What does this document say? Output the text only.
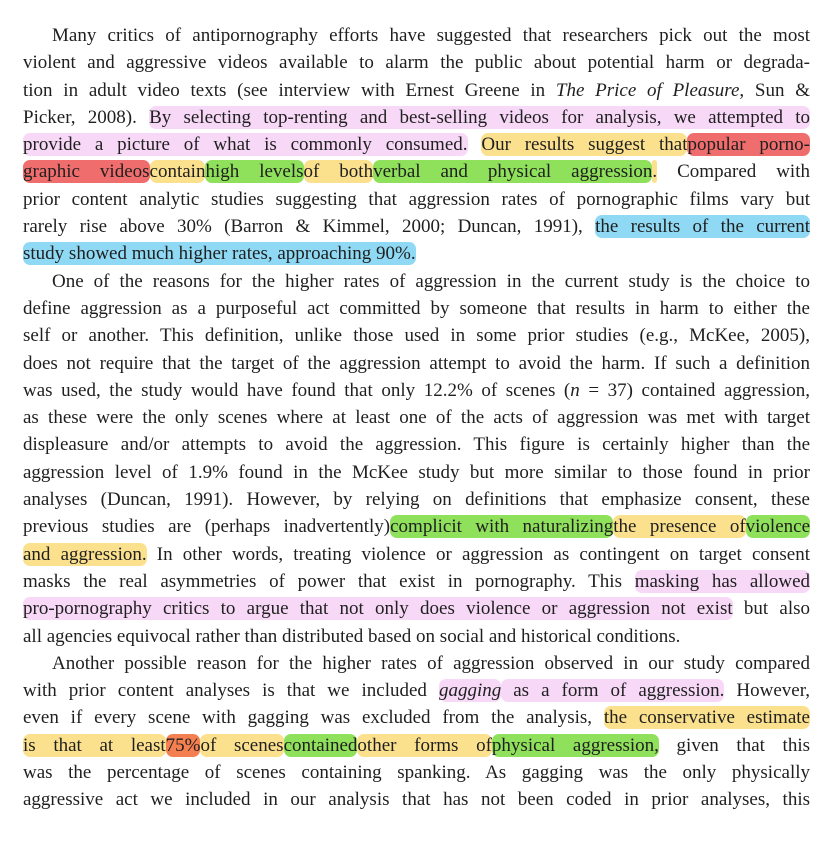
Many critics of antipornography efforts have suggested that researchers pick out the most
violent and aggressive videos available to alarm the public about potential harm or degrada-
tion in adult video texts (see interview with Ernest Greene in The Price of Pleasure, Sun &
Picker, 2008). By selecting top-renting and best-selling videos for analysis, we attempted to
provide a picture of what is commonly consumed. Our results suggest thatpopular porno-
graphic videoscontainhigh levelsof bothverbal and physical aggression. Compared with
prior content analytic studies suggesting that aggression rates of pornographic films vary but
rarely rise above 30% (Barron & Kimmel, 2000; Duncan, 1991), the results of the current
study showed much higher rates, approaching 90%.
One of the reasons for the higher rates of aggression in the current study is the choice to
define aggression as a purposeful act committed by someone that results in harm to either the
self or another. This definition, unlike those used in some prior studies (e.g., McKee, 2005),
does not require that the target of the aggression attempt to avoid the harm. If such a definition
was used, the study would have found that only 12.2% of scenes (n = 37) contained aggression,
as these were the only scenes where at least one of the acts of aggression was met with target
displeasure and/or attempts to avoid the aggression. This figure is certainly higher than the
aggression level of 1.9% found in the McKee study but more similar to those found in prior
analyses (Duncan, 1991). However, by relying on definitions that emphasize consent, these
previous studies are (perhaps inadvertently)complicit with naturalizingthe presence ofviolence
and aggression. In other words, treating violence or aggression as contingent on target consent
masks the real asymmetries of power that exist in pornography. This masking has allowed
pro-pornography critics to argue that not only does violence or aggression not exist but also
all agencies equivocal rather than distributed based on social and historical conditions.
Another possible reason for the higher rates of aggression observed in our study compared
with prior content analyses is that we included gagging as a form of aggression. However,
even if every scene with gagging was excluded from the analysis, the conservative estimate
is that at least75%of scenescontainedother forms ofphysical aggression, given that this
was the percentage of scenes containing spanking. As gagging was the only physically
aggressive act we included in our analysis that has not been coded in prior analyses, this
